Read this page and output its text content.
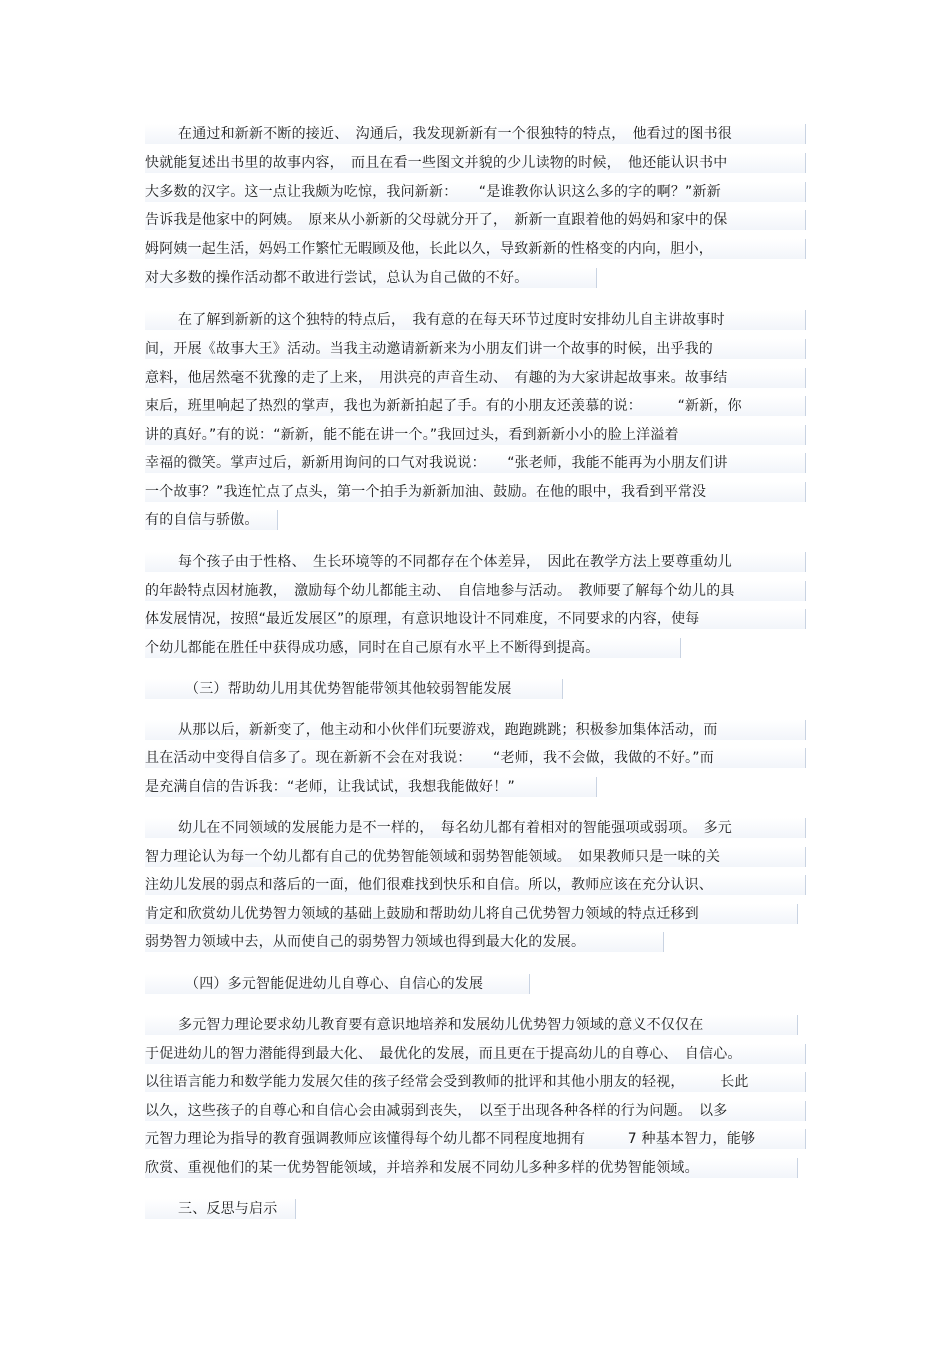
在通过和新新不断的接近、　沟通后，我发现新新有一个很独特的特点，　他看过的图书很
快就能复述出书里的故事内容，　而且在看一些图文并貌的少儿读物的时候，　他还能认识书中
大多数的汉字。这一点让我颇为吃惊，我问新新：　　“是谁教你认识这么多的字的啊？”新新
告诉我是他家中的阿姨。　原来从小新新的父母就分开了，　新新一直跟着他的妈妈和家中的保
姆阿姨一起生活，妈妈工作繁忙无暇顾及他，长此以久，导致新新的性格变的内向，胆小，
对大多数的操作活动都不敢进行尝试，总认为自己做的不好。
在了解到新新的这个独特的特点后，　我有意的在每天环节过度时安排幼儿自主讲故事时
间，开展《故事大王》活动。当我主动邀请新新来为小朋友们讲一个故事的时候，出乎我的
意料，他居然毫不犹豫的走了上来，　用洪亮的声音生动、　有趣的为大家讲起故事来。故事结
束后，班里响起了热烈的掌声，我也为新新拍起了手。有的小朋友还羡慕的说：　　　“新新，你
讲的真好。”有的说：“新新，能不能在讲一个。”我回过头，看到新新小小的脸上洋溢着
幸福的微笑。掌声过后，新新用询问的口气对我说说：　　“张老师，我能不能再为小朋友们讲
一个故事？”我连忙点了点头，第一个拍手为新新加油、鼓励。在他的眼中，我看到平常没
有的自信与骄傲。
每个孩子由于性格、　生长环境等的不同都存在个体差异，　因此在教学方法上要尊重幼儿
的年龄特点因材施教，　激励每个幼儿都能主动、　自信地参与活动。　教师要了解每个幼儿的具
体发展情况，按照“最近发展区”的原理，有意识地设计不同难度，不同要求的内容，使每
个幼儿都能在胜任中获得成功感，同时在自己原有水平上不断得到提高。
（三）帮助幼儿用其优势智能带领其他较弱智能发展
从那以后，新新变了，他主动和小伙伴们玩要游戏，跑跑跳跳；积极参加集体活动，而
且在活动中变得自信多了。现在新新不会在对我说：　　“老师，我不会做，我做的不好。”而
是充满自信的告诉我：“老师，让我试试，我想我能做好！”
幼儿在不同领域的发展能力是不一样的，　每名幼儿都有着相对的智能强项或弱项。　多元
智力理论认为每一个幼儿都有自己的优势智能领域和弱势智能领域。　如果教师只是一味的关
注幼儿发展的弱点和落后的一面，他们很难找到快乐和自信。所以，教师应该在充分认识、
肯定和欣赏幼儿优势智力领域的基础上鼓励和帮助幼儿将自己优势智力领域的特点迁移到
弱势智力领域中去，从而使自己的弱势智力领域也得到最大化的发展。
（四）多元智能促进幼儿自尊心、自信心的发展
多元智力理论要求幼儿教育要有意识地培养和发展幼儿优势智力领域的意义不仅仅在
于促进幼儿的智力潜能得到最大化、　最优化的发展，而且更在于提高幼儿的自尊心、　自信心。
以往语言能力和数学能力发展欠佳的孩子经常会受到教师的批评和其他小朋友的轻视，　　　长此
以久，这些孩子的自尊心和自信心会由减弱到丧失，　以至于出现各种各样的行为问题。　以多
元智力理论为指导的教育强调教师应该懂得每个幼儿都不同程度地拥有　　　7 种基本智力，能够
欣赏、重视他们的某一优势智能领域，并培养和发展不同幼儿多种多样的优势智能领域。
三、反思与启示
